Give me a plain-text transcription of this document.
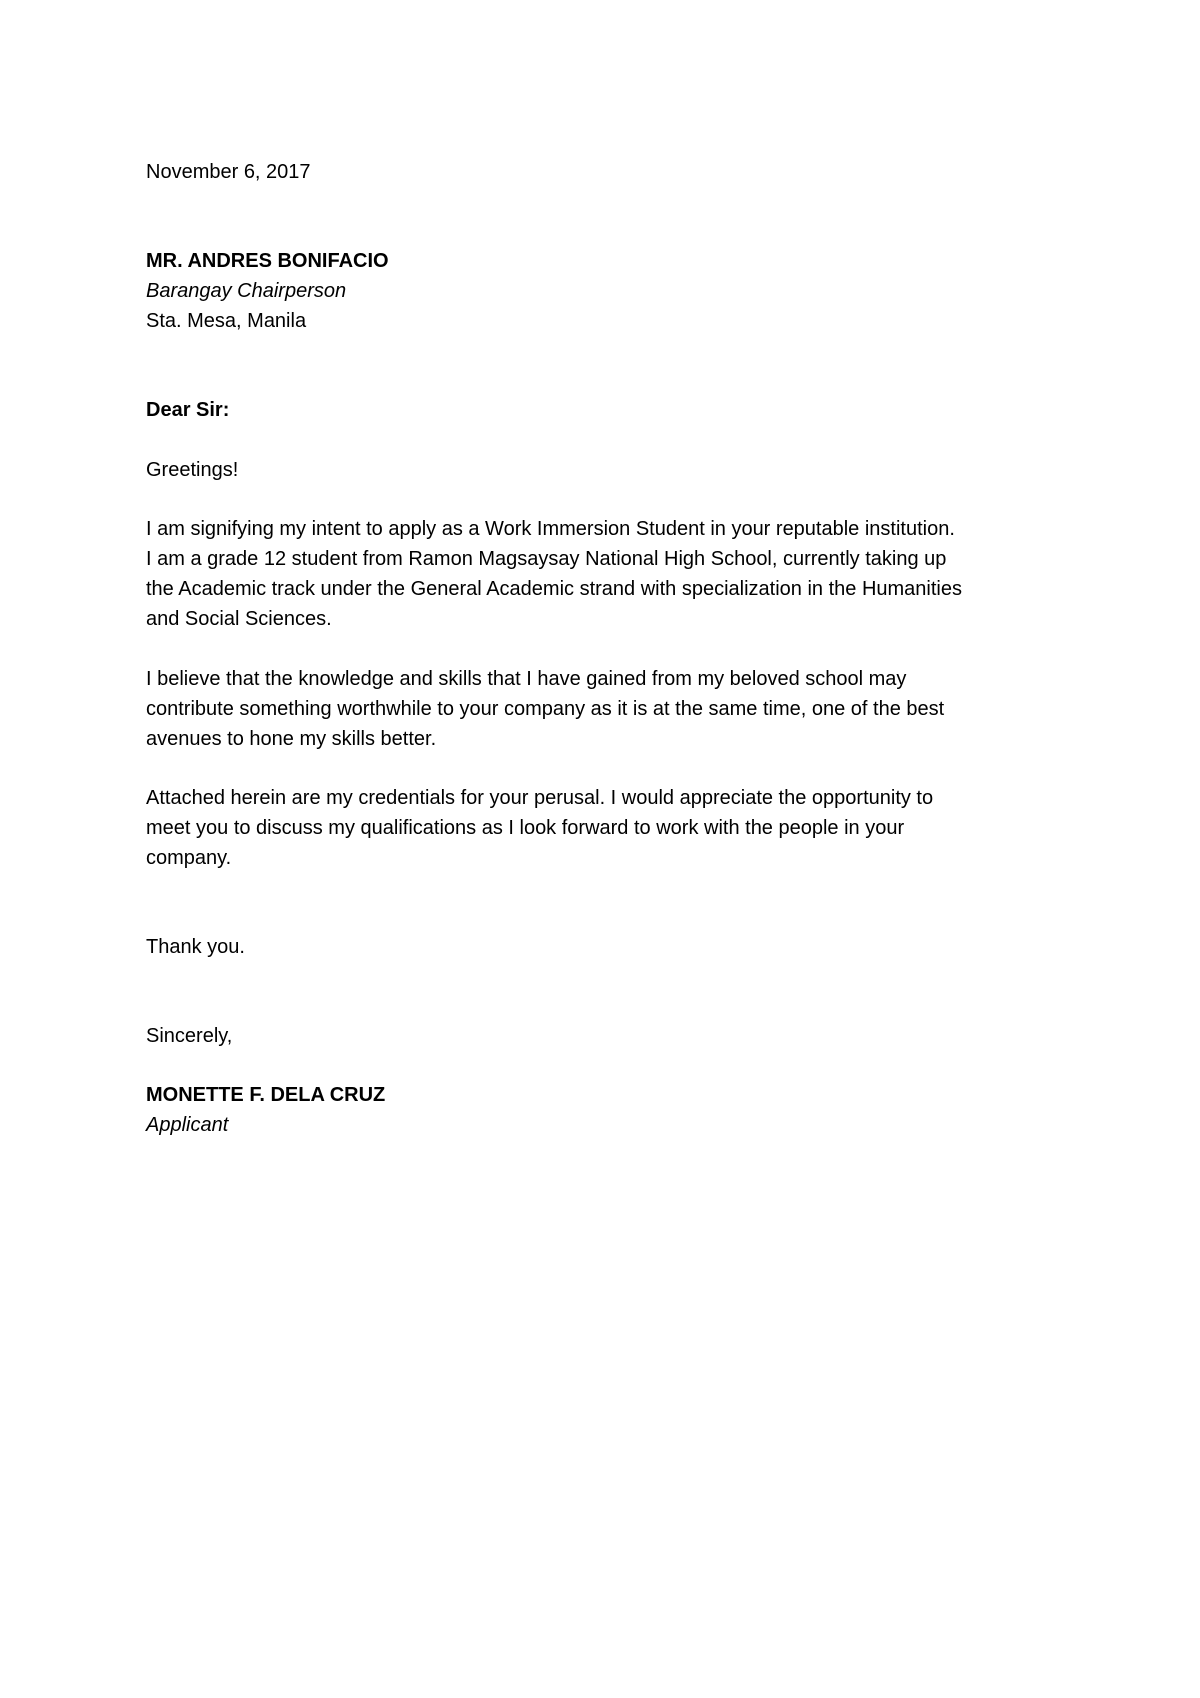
November 6, 2017
MR. ANDRES BONIFACIO
Barangay Chairperson
Sta. Mesa, Manila
Dear Sir:
Greetings!
I am signifying my intent to apply as a Work Immersion Student in your reputable institution.
I am a grade 12 student from Ramon Magsaysay National High School, currently taking up
the Academic track under the General Academic strand with specialization in the Humanities
and Social Sciences.
I believe that the knowledge and skills that I have gained from my beloved school may
contribute something worthwhile to your company as it is at the same time, one of the best
avenues to hone my skills better.
Attached herein are my credentials for your perusal. I would appreciate the opportunity to
meet you to discuss my qualifications as I look forward to work with the people in your
company.
Thank you.
Sincerely,
MONETTE F. DELA CRUZ
Applicant
